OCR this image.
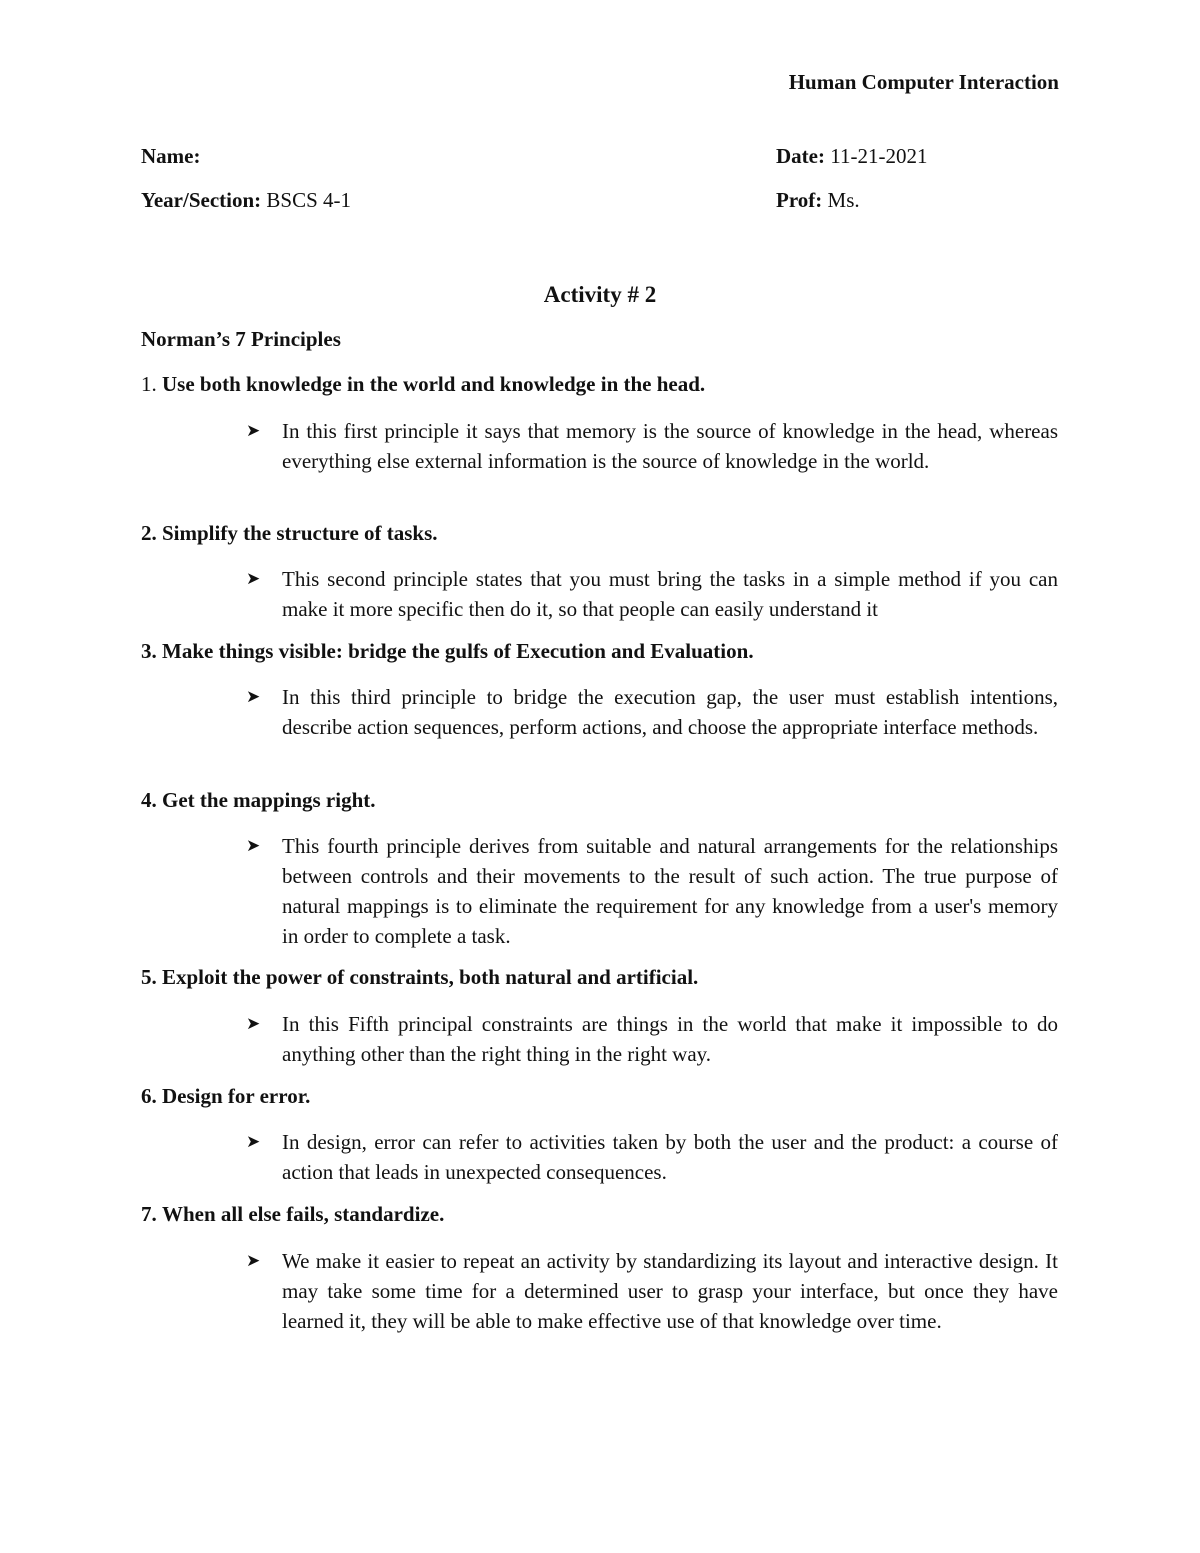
Human Computer Interaction

Name:	Date: 11-21-2021

Year/Section: BSCS 4-1	Prof: Ms.

Activity # 2
Norman’s 7 Principles

1. Use both knowledge in the world and knowledge in the head.

➤ In this first principle it says that memory is the source of knowledge in the head, whereas everything else external information is the source of knowledge in the world.

2. Simplify the structure of tasks.

➤ This second principle states that you must bring the tasks in a simple method if you can make it more specific then do it, so that people can easily understand it

3. Make things visible: bridge the gulfs of Execution and Evaluation.

➤ In this third principle to bridge the execution gap, the user must establish intentions, describe action sequences, perform actions, and choose the appropriate interface methods.

4. Get the mappings right.

➤ This fourth principle derives from suitable and natural arrangements for the relationships between controls and their movements to the result of such action. The true purpose of natural mappings is to eliminate the requirement for any knowledge from a user's memory in order to complete a task.

5. Exploit the power of constraints, both natural and artificial.

➤ In this Fifth principal constraints are things in the world that make it impossible to do anything other than the right thing in the right way.

6. Design for error.

➤ In design, error can refer to activities taken by both the user and the product: a course of action that leads in unexpected consequences.

7. When all else fails, standardize.

➤ We make it easier to repeat an activity by standardizing its layout and interactive design. It may take some time for a determined user to grasp your interface, but once they have learned it, they will be able to make effective use of that knowledge over time.
